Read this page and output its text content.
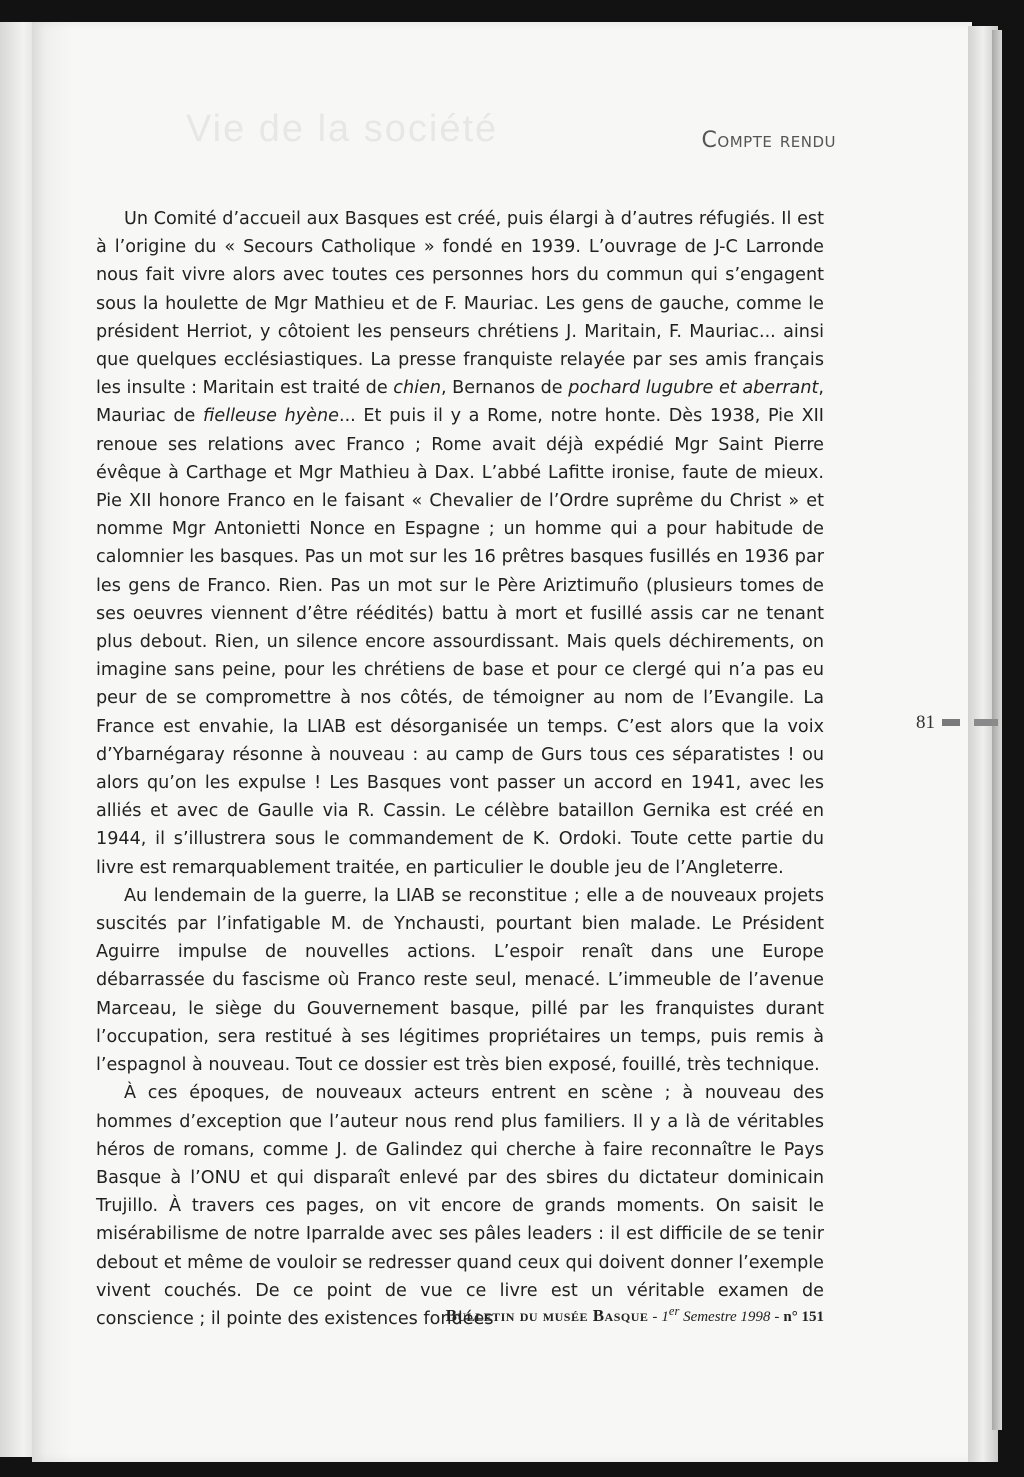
Vie de la société	Compte rendu

Un Comité d’accueil aux Basques est créé, puis élargi à d’autres réfugiés. Il est à l’origine du « Secours Catholique » fondé en 1939. L’ouvrage de J-C Larronde nous fait vivre alors avec toutes ces personnes hors du commun qui s’engagent sous la houlette de Mgr Mathieu et de F. Mauriac. Les gens de gauche, comme le président Herriot, y côtoient les penseurs chrétiens J. Maritain, F. Mauriac... ainsi que quelques ecclésiastiques. La presse franquiste relayée par ses amis français les insulte : Maritain est traité de chien, Bernanos de pochard lugubre et aberrant, Mauriac de fielleuse hyène... Et puis il y a Rome, notre honte. Dès 1938, Pie XII renoue ses relations avec Franco ; Rome avait déjà expédié Mgr Saint Pierre évêque à Carthage et Mgr Mathieu à Dax. L’abbé Lafitte ironise, faute de mieux. Pie XII honore Franco en le faisant « Chevalier de l’Ordre suprême du Christ » et nomme Mgr Antonietti Nonce en Espagne ; un homme qui a pour habitude de calomnier les basques. Pas un mot sur les 16 prêtres basques fusillés en 1936 par les gens de Franco. Rien. Pas un mot sur le Père Ariztimuño (plusieurs tomes de ses oeuvres viennent d’être réédités) battu à mort et fusillé assis car ne tenant plus debout. Rien, un silence encore assourdissant. Mais quels déchirements, on imagine sans peine, pour les chrétiens de base et pour ce clergé qui n’a pas eu peur de se compromettre à nos côtés, de témoigner au nom de l’Evangile. La France est envahie, la LIAB est désorganisée un temps. C’est alors que la voix d’Ybarnégaray résonne à nouveau : au camp de Gurs tous ces séparatistes ! ou alors qu’on les expulse ! Les Basques vont passer un accord en 1941, avec les alliés et avec de Gaulle via R. Cassin. Le célèbre bataillon Gernika est créé en 1944, il s’illustrera sous le commandement de K. Ordoki. Toute cette partie du livre est remarquablement traitée, en particulier le double jeu de l’Angleterre.

Au lendemain de la guerre, la LIAB se reconstitue ; elle a de nouveaux projets suscités par l’infatigable M. de Ynchausti, pourtant bien malade. Le Président Aguirre impulse de nouvelles actions. L’espoir renaît dans une Europe débarrassée du fascisme où Franco reste seul, menacé. L’immeuble de l’avenue Marceau, le siège du Gouvernement basque, pillé par les franquistes durant l’occupation, sera restitué à ses légitimes propriétaires un temps, puis remis à l’espagnol à nouveau. Tout ce dossier est très bien exposé, fouillé, très technique.

À ces époques, de nouveaux acteurs entrent en scène ; à nouveau des hommes d’exception que l’auteur nous rend plus familiers. Il y a là de véritables héros de romans, comme J. de Galindez qui cherche à faire reconnaître le Pays Basque à l’ONU et qui disparaît enlevé par des sbires du dictateur dominicain Trujillo. À travers ces pages, on vit encore de grands moments. On saisit le misérabilisme de notre Iparralde avec ses pâles leaders : il est difficile de se tenir debout et même de vouloir se redresser quand ceux qui doivent donner l’exemple vivent couchés. De ce point de vue ce livre est un véritable examen de conscience ; il pointe des existences fondées

81
Bulletin du musée Basque - 1er Semestre 1998 - n° 151
